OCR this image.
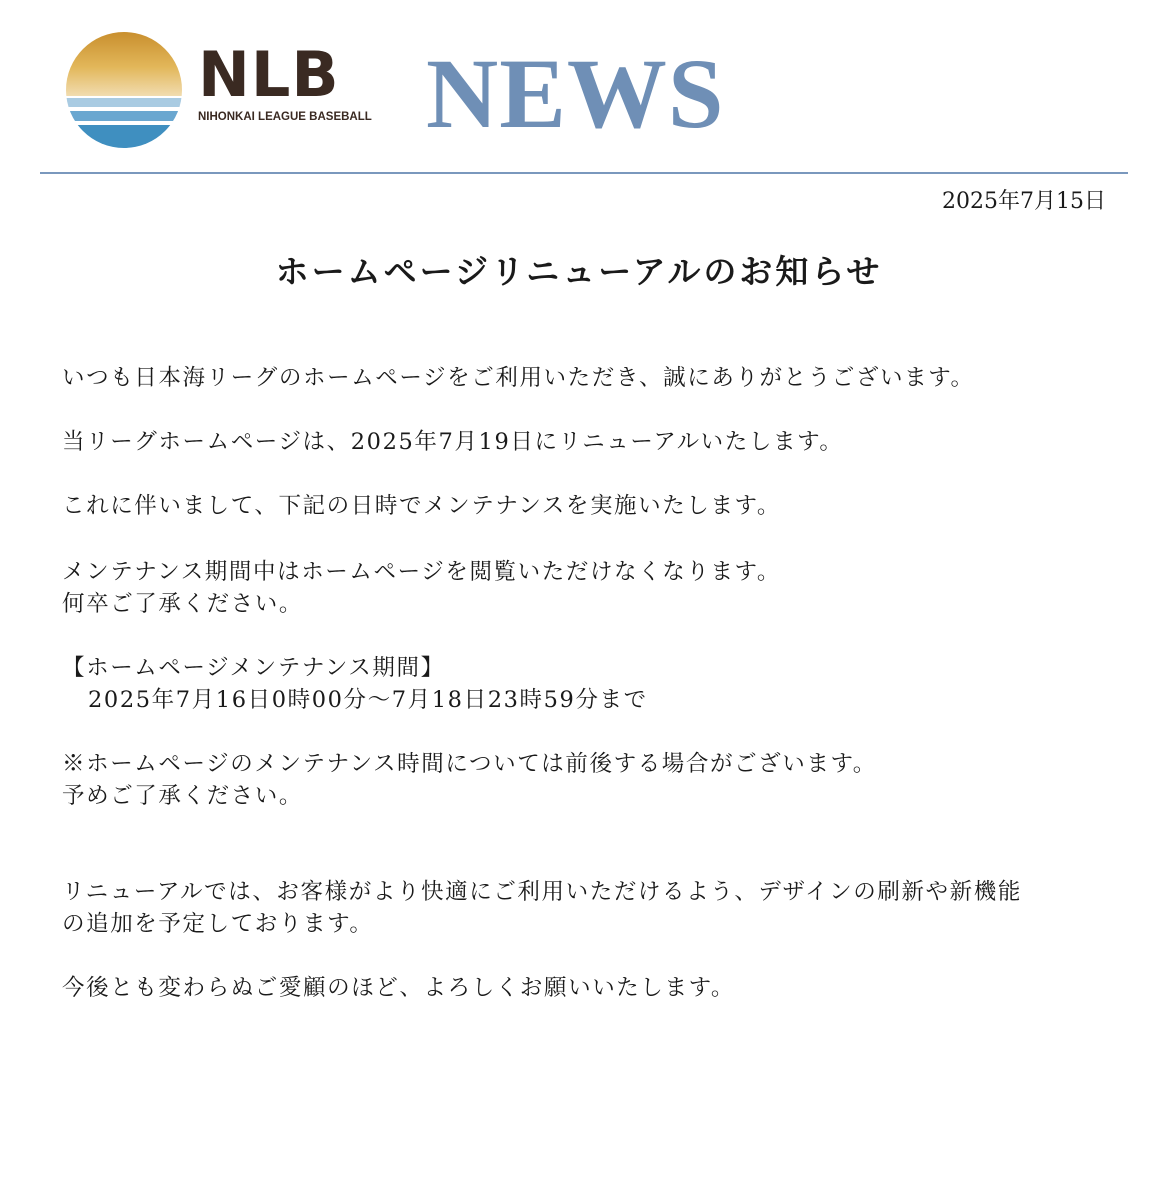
NLB
NIHONKAI LEAGUE BASEBALL NEWS
2025年7月15日
ホームページリニューアルのお知らせ
いつも日本海リーグのホームページをご利用いただき、誠にありがとうございます。
当リーグホームページは、2025年7月19日にリニューアルいたします。
これに伴いまして、下記の日時でメンテナンスを実施いたします。
メンテナンス期間中はホームページを閲覧いただけなくなります。
何卒ご了承ください。
【ホームページメンテナンス期間】
2025年7月16日0時00分〜7月18日23時59分まで
※ホームページのメンテナンス時間については前後する場合がございます。
予めご了承ください。
リニューアルでは、お客様がより快適にご利用いただけるよう、デザインの刷新や新機能
の追加を予定しております。
今後とも変わらぬご愛顧のほど、よろしくお願いいたします。
